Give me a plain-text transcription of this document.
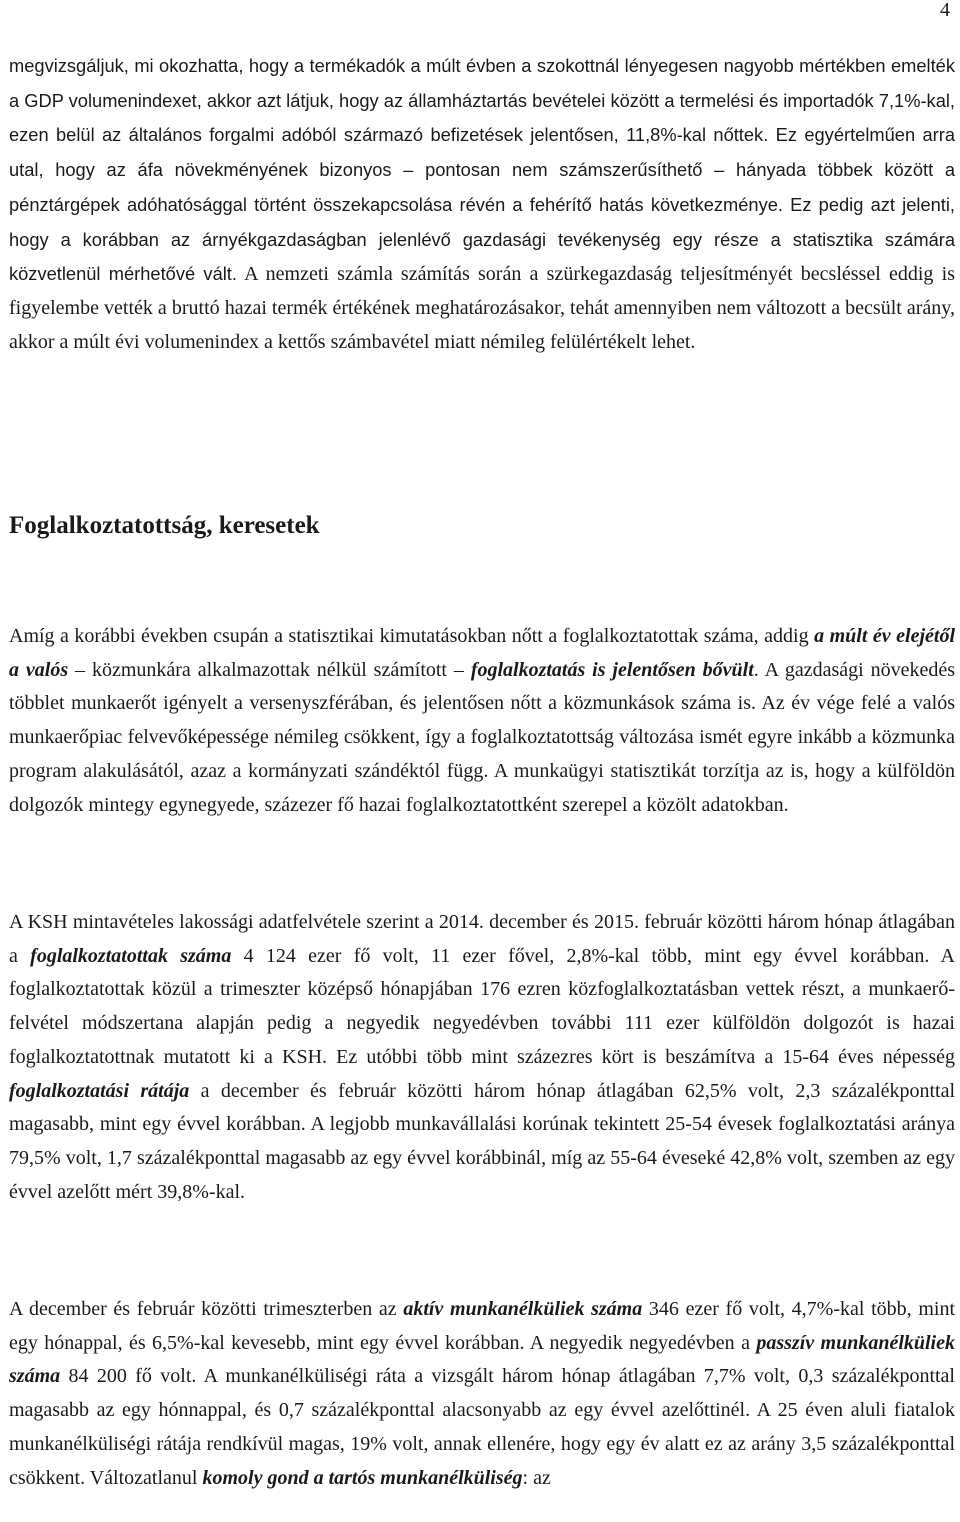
4

megvizsgáljuk, mi okozhatta, hogy a termékadók a múlt évben a szokottnál lényegesen nagyobb mértékben emelték a GDP volumenindexet, akkor azt látjuk, hogy az államháztartás bevételei között a termelési és importadók 7,1%-kal, ezen belül az általános forgalmi adóból származó befizetések jelentősen, 11,8%-kal nőttek. Ez egyértelműen arra utal, hogy az áfa növekményének bizonyos – pontosan nem számszerűsíthető – hányada többek között a pénztárgépek adóhatósággal történt összekapcsolása révén a fehérítő hatás következménye. Ez pedig azt jelenti, hogy a korábban az árnyékgazdaságban jelenlévő gazdasági tevékenység egy része a statisztika számára közvetlenül mérhetővé vált. A nemzeti számla számítás során a szürkegazdaság teljesítményét becsléssel eddig is figyelembe vették a bruttó hazai termék értékének meghatározásakor, tehát amennyiben nem változott a becsült arány, akkor a múlt évi volumenindex a kettős számbavétel miatt némileg felülértékelt lehet.

Foglalkoztatottság, keresetek

Amíg a korábbi években csupán a statisztikai kimutatásokban nőtt a foglalkoztatottak száma, addig a múlt év elejétől a valós – közmunkára alkalmazottak nélkül számított – foglalkoztatás is jelentősen bővült. A gazdasági növekedés többlet munkaerőt igényelt a versenyszférában, és jelentősen nőtt a közmunkások száma is. Az év vége felé a valós munkaerőpiac felvevőképessége némileg csökkent, így a foglalkoztatottság változása ismét egyre inkább a közmunka program alakulásától, azaz a kormányzati szándéktól függ. A munkaügyi statisztikát torzítja az is, hogy a külföldön dolgozók mintegy egynegyede, százezer fő hazai foglalkoztatottként szerepel a közölt adatokban.

A KSH mintavételes lakossági adatfelvétele szerint a 2014. december és 2015. február közötti három hónap átlagában a foglalkoztatottak száma 4 124 ezer fő volt, 11 ezer fővel, 2,8%-kal több, mint egy évvel korábban. A foglalkoztatottak közül a trimeszter középső hónapjában 176 ezren közfoglalkoztatásban vettek részt, a munkaerő-felvétel módszertana alapján pedig a negyedik negyedévben további 111 ezer külföldön dolgozót is hazai foglalkoztatottnak mutatott ki a KSH. Ez utóbbi több mint százezres kört is beszámítva a 15-64 éves népesség foglalkoztatási rátája a december és február közötti három hónap átlagában 62,5% volt, 2,3 százalékponttal magasabb, mint egy évvel korábban. A legjobb munkavállalási korúnak tekintett 25-54 évesek foglalkoztatási aránya 79,5% volt, 1,7 százalékponttal magasabb az egy évvel korábbinál, míg az 55-64 éveseké 42,8% volt, szemben az egy évvel azelőtt mért 39,8%-kal.

A december és február közötti trimeszterben az aktív munkanélküliek száma 346 ezer fő volt, 4,7%-kal több, mint egy hónappal, és 6,5%-kal kevesebb, mint egy évvel korábban. A negyedik negyedévben a passzív munkanélküliek száma 84 200 fő volt. A munkanélküliségi ráta a vizsgált három hónap átlagában 7,7% volt, 0,3 százalékponttal magasabb az egy hónnappal, és 0,7 százalékponttal alacsonyabb az egy évvel azelőttinél. A 25 éven aluli fiatalok munkanélküliségi rátája rendkívül magas, 19% volt, annak ellenére, hogy egy év alatt ez az arány 3,5 százalékponttal csökkent. Változatlanul komoly gond a tartós munkanélküliség: az
